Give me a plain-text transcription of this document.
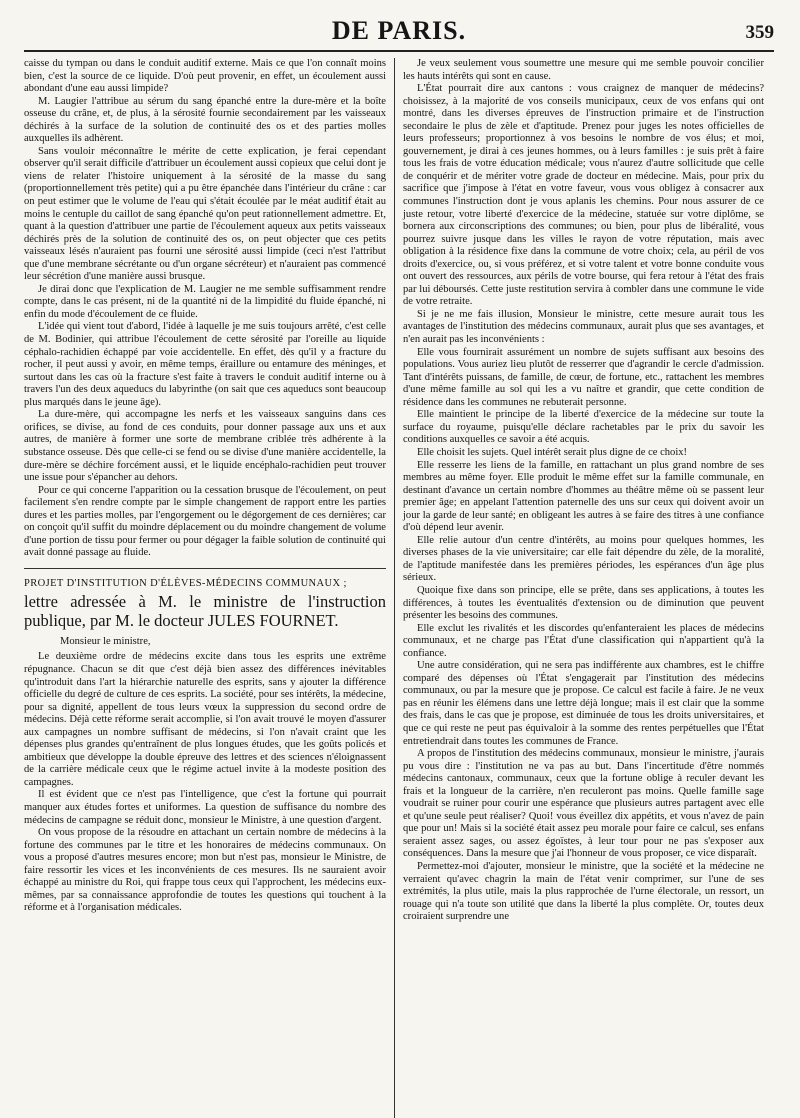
DE PARIS.	359

caisse du tympan ou dans le conduit auditif externe. Mais ce que l'on connaît moins bien, c'est la source de ce liquide. D'où peut provenir, en effet, un écoulement aussi abondant d'une eau aussi limpide?

M. Laugier l'attribue au sérum du sang épanché entre la dure-mère et la boîte osseuse du crâne, et, de plus, à la sérosité fournie secondairement par les vaisseaux déchirés à la surface de la solution de continuité des os et des parties molles auxquelles ils adhèrent.

Sans vouloir méconnaître le mérite de cette explication, je ferai cependant observer qu'il serait difficile d'attribuer un écoulement aussi copieux que celui dont je viens de relater l'histoire uniquement à la sérosité de la masse du sang (proportionnellement très petite) qui a pu être épanchée dans l'intérieur du crâne : car on peut estimer que le volume de l'eau qui s'était écoulée par le méat auditif était au moins le centuple du caillot de sang épanché qu'on peut rationnellement admettre. Et, quant à la question d'attribuer une partie de l'écoulement aqueux aux petits vaisseaux déchirés près de la solution de continuité des os, on peut objecter que ces petits vaisseaux lésés n'auraient pas fourni une sérosité aussi limpide (ceci n'est l'attribut que d'une membrane sécrétante ou d'un organe sécréteur) et n'auraient pas commencé leur sécrétion d'une manière aussi brusque.

Je dirai donc que l'explication de M. Laugier ne me semble suffisamment rendre compte, dans le cas présent, ni de la quantité ni de la limpidité du fluide épanché, ni enfin du mode d'écoulement de ce fluide.

L'idée qui vient tout d'abord, l'idée à laquelle je me suis toujours arrêté, c'est celle de M. Bodinier, qui attribue l'écoulement de cette sérosité par l'oreille au liquide céphalo-rachidien échappé par voie accidentelle. En effet, dès qu'il y a fracture du rocher, il peut aussi y avoir, en même temps, éraillure ou entamure des méninges, et surtout dans les cas où la fracture s'est faite à travers le conduit auditif interne ou à travers l'un des deux aqueducs du labyrinthe (on sait que ces aqueducs sont beaucoup plus marqués dans le jeune âge).

La dure-mère, qui accompagne les nerfs et les vaisseaux sanguins dans ces orifices, se divise, au fond de ces conduits, pour donner passage aux uns et aux autres, de manière à former une sorte de membrane criblée très adhérente à la substance osseuse. Dès que celle-ci se fend ou se divise d'une manière accidentelle, la dure-mère se déchire forcément aussi, et le liquide encéphalo-rachidien peut trouver une issue pour s'épancher au dehors.

Pour ce qui concerne l'apparition ou la cessation brusque de l'écoulement, on peut facilement s'en rendre compte par le simple changement de rapport entre les parties dures et les parties molles, par l'engorgement ou le dégorgement de ces dernières; car on conçoit qu'il suffit du moindre déplacement ou du moindre changement de volume d'une portion de tissu pour fermer ou pour dégager la faible solution de continuité qui avait donné passage au fluide.

PROJET D'INSTITUTION D'ÉLÈVES-MÉDECINS COMMUNAUX ;
lettre adressée à M. le ministre de l'instruction publique, par M. le docteur JULES FOURNET.

Monsieur le ministre,

Le deuxième ordre de médecins excite dans tous les esprits une extrême répugnance. Chacun se dit que c'est déjà bien assez des différences inévitables qu'introduit dans l'art la hiérarchie naturelle des esprits, sans y ajouter la différence officielle du degré de culture de ces esprits. La société, pour ses intérêts, la médecine, pour sa dignité, appellent de tous leurs vœux la suppression du second ordre de médecins. Déjà cette réforme serait accomplie, si l'on avait trouvé le moyen d'assurer aux campagnes un nombre suffisant de médecins, si l'on n'avait craint que les dépenses plus grandes qu'entraînent de plus longues études, que les goûts policés et ambitieux que développe la double épreuve des lettres et des sciences n'éloignassent de la carrière médicale ceux que le régime actuel invite à la modeste position des campagnes.

Il est évident que ce n'est pas l'intelligence, que c'est la fortune qui pourrait manquer aux études fortes et uniformes. La question de suffisance du nombre des médecins de campagne se réduit donc, monsieur le Ministre, à une question d'argent.

On vous propose de la résoudre en attachant un certain nombre de médecins à la fortune des communes par le titre et les honoraires de médecins communaux. On vous a proposé d'autres mesures encore; mon but n'est pas, monsieur le Ministre, de faire ressortir les vices et les inconvénients de ces mesures. Ils ne sauraient avoir échappé au ministre du Roi, qui frappe tous ceux qui l'approchent, les médecins eux-mêmes, par sa connaissance approfondie de toutes les questions qui touchent à la réforme et à l'organisation médicales.

Je veux seulement vous soumettre une mesure qui me semble pouvoir concilier les hauts intérêts qui sont en cause.

L'État pourrait dire aux cantons : vous craignez de manquer de médecins? choisissez, à la majorité de vos conseils municipaux, ceux de vos enfans qui ont montré, dans les diverses épreuves de l'instruction primaire et de l'instruction secondaire le plus de zèle et d'aptitude. Prenez pour juges les notes officielles de leurs professeurs; proportionnez à vos besoins le nombre de vos élus; et moi, gouvernement, je dirai à ces jeunes hommes, ou à leurs familles : je suis prêt à faire tous les frais de votre éducation médicale; vous n'aurez d'autre sollicitude que celle de conquérir et de mériter votre grade de docteur en médecine. Mais, pour prix du sacrifice que j'impose à l'état en votre faveur, vous vous obligez à consacrer aux communes l'instruction dont je vous aplanis les chemins. Pour nous assurer de ce juste retour, votre liberté d'exercice de la médecine, statuée sur votre diplôme, se bornera aux circonscriptions des communes; ou bien, pour plus de libéralité, vous pourrez suivre jusque dans les villes le rayon de votre réputation, mais avec obligation à la résidence fixe dans la commune de votre choix; cela, au péril de vos droits d'exercice, ou, si vous préférez, et si votre talent et votre bonne conduite vous ont ouvert des ressources, aux périls de votre bourse, qui fera retour à l'état des frais par lui déboursés. Cette juste restitution servira à combler dans une commune le vide de votre retraite.

Si je ne me fais illusion, Monsieur le ministre, cette mesure aurait tous les avantages de l'institution des médecins communaux, aurait plus que ses avantages, et n'en aurait pas les inconvénients :

Elle vous fournirait assurément un nombre de sujets suffisant aux besoins des populations. Vous auriez lieu plutôt de resserrer que d'agrandir le cercle d'admission. Tant d'intérêts puissans, de famille, de cœur, de fortune, etc., rattachent les membres d'une même famille au sol qui les a vu naître et grandir, que cette condition de résidence dans les communes ne rebuterait personne.

Elle maintient le principe de la liberté d'exercice de la médecine sur toute la surface du royaume, puisqu'elle déclare rachetables par le prix du savoir les conditions auxquelles ce savoir a été acquis.

Elle choisit les sujets. Quel intérêt serait plus digne de ce choix!

Elle resserre les liens de la famille, en rattachant un plus grand nombre de ses membres au même foyer. Elle produit le même effet sur la famille communale, en destinant d'avance un certain nombre d'hommes au théâtre même où se passent leur premier âge; en appelant l'attention paternelle des uns sur ceux qui doivent avoir un jour la garde de leur santé; en obligeant les autres à se faire des titres à une confiance d'où dépend leur avenir.

Elle relie autour d'un centre d'intérêts, au moins pour quelques hommes, les diverses phases de la vie universitaire; car elle fait dépendre du zèle, de la moralité, de l'aptitude manifestée dans les premières périodes, les espérances d'un âge plus sérieux.

Quoique fixe dans son principe, elle se prête, dans ses applications, à toutes les différences, à toutes les éventualités d'extension ou de diminution que peuvent présenter les besoins des communes.

Elle exclut les rivalités et les discordes qu'enfanteraient les places de médecins communaux, et ne charge pas l'État d'une classification qui n'appartient qu'à la confiance.

Une autre considération, qui ne sera pas indifférente aux chambres, est le chiffre comparé des dépenses où l'État s'engagerait par l'institution des médecins communaux, ou par la mesure que je propose. Ce calcul est facile à faire. Je ne veux pas en réunir les élémens dans une lettre déjà longue; mais il est clair que la somme des frais, dans le cas que je propose, est diminuée de tous les droits universitaires, et que ce qui reste ne peut pas équivaloir à la somme des rentes perpétuelles que l'État entretiendrait dans toutes les communes de France.

A propos de l'institution des médecins communaux, monsieur le ministre, j'aurais pu vous dire : l'institution ne va pas au but. Dans l'incertitude d'être nommés médecins cantonaux, communaux, ceux que la fortune oblige à reculer devant les frais et la longueur de la carrière, n'en reculeront pas moins. Quelle famille sage voudrait se ruiner pour courir une espérance que plusieurs autres partagent avec elle et qu'une seule peut réaliser? Quoi! vous éveillez dix appétits, et vous n'avez de pain que pour un! Mais si la société était assez peu morale pour faire ce calcul, ses enfans seraient assez sages, ou assez égoïstes, à leur tour pour ne pas s'exposer aux conséquences. Dans la mesure que j'ai l'honneur de vous proposer, ce vice disparaît.

Permettez-moi d'ajouter, monsieur le ministre, que la société et la médecine ne verraient qu'avec chagrin la main de l'état venir comprimer, sur l'une de ses extrémités, la plus utile, mais la plus rapprochée de l'urne électorale, un ressort, un rouage qui n'a toute son utilité que dans la liberté la plus complète. Or, toutes deux croiraient surprendre une
